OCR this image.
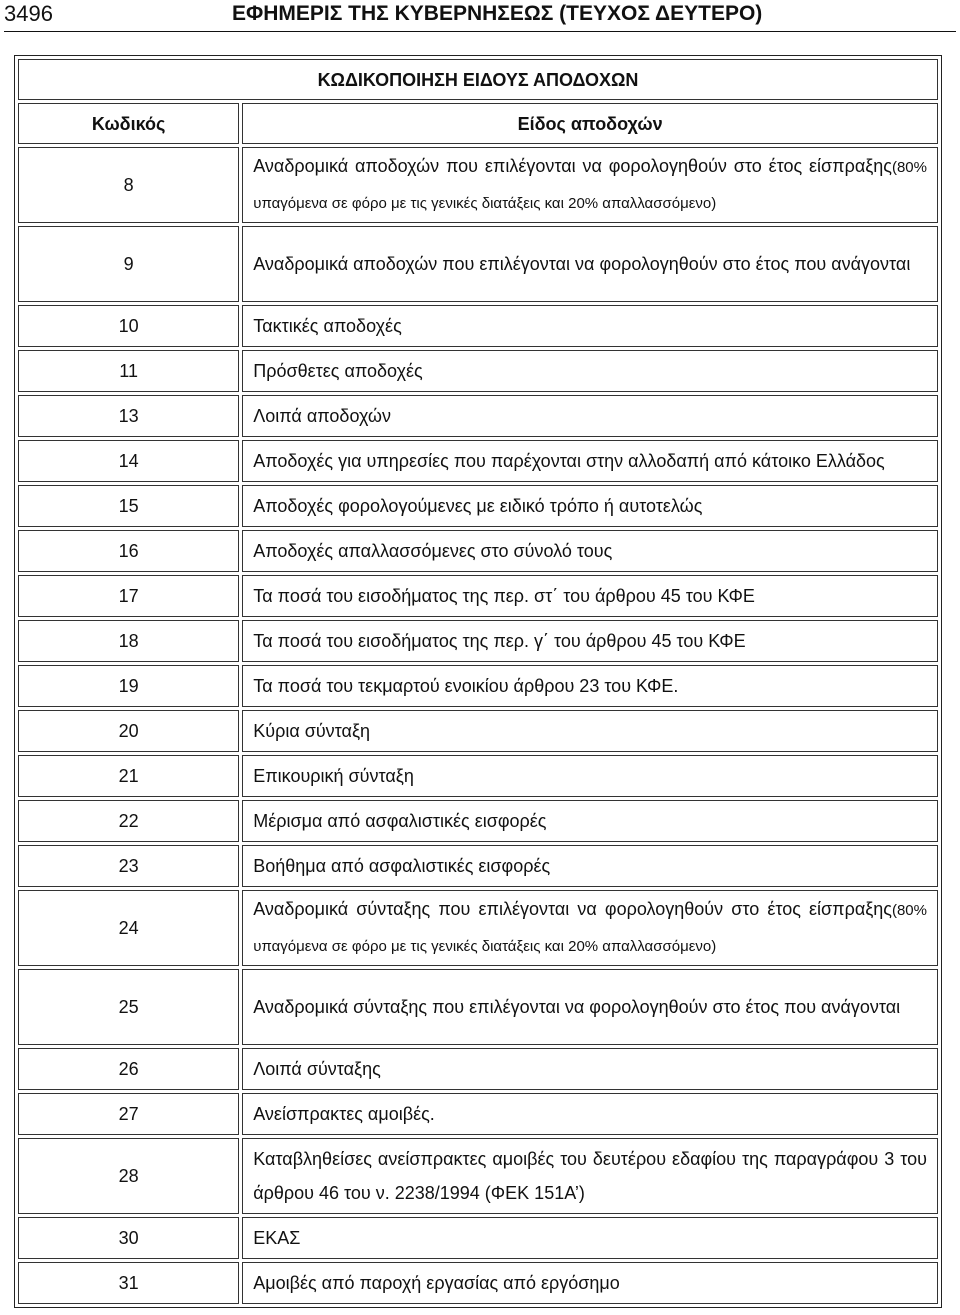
3496	ΕΦΗΜΕΡΙΣ ΤΗΣ ΚΥΒΕΡΝΗΣΕΩΣ (ΤΕΥΧΟΣ ΔΕΥΤΕΡΟ)
ΚΩΔΙΚΟΠΟΙΗΣΗ ΕΙΔΟΥΣ ΑΠΟΔΟΧΩΝ	
Κωδικός	Είδος αποδοχών
8	Αναδρομικά αποδοχών που επιλέγονται να φορολογηθούν στο έτος είσπραξης(80% υπαγόμενα σε φόρο με τις γενικές διατάξεις και 20% απαλλασσόμενο)
9	Αναδρομικά αποδοχών που επιλέγονται να φορολογηθούν στο έτος που ανάγονται
10	Τακτικές αποδοχές
11	Πρόσθετες αποδοχές
13	Λοιπά αποδοχών
14	Αποδοχές για υπηρεσίες που παρέχονται στην αλλοδαπή από κάτοικο Ελλάδος
15	Αποδοχές φορολογούμενες με ειδικό τρόπο ή αυτοτελώς
16	Αποδοχές απαλλασσόμενες στο σύνολό τους
17	Τα ποσά του εισοδήματος της περ. στ΄ του άρθρου 45 του ΚΦΕ
18	Τα ποσά του εισοδήματος της περ. γ΄ του άρθρου 45 του ΚΦΕ
19	Τα ποσά του τεκμαρτού ενοικίου άρθρου 23 του ΚΦΕ.
20	Κύρια σύνταξη
21	Επικουρική σύνταξη
22	Μέρισμα από ασφαλιστικές εισφορές
23	Βοήθημα από ασφαλιστικές εισφορές
24	Αναδρομικά σύνταξης που επιλέγονται να φορολογηθούν στο έτος είσπραξης(80% υπαγόμενα σε φόρο με τις γενικές διατάξεις και 20% απαλλασσόμενο)
25	Αναδρομικά σύνταξης που επιλέγονται να φορολογηθούν στο έτος που ανάγονται
26	Λοιπά σύνταξης
27	Ανείσπρακτες αμοιβές.
28	Καταβληθείσες ανείσπρακτες αμοιβές του δευτέρου εδαφίου της παραγράφου 3 του άρθρου 46 του ν. 2238/1994 (ΦΕΚ 151Α’)
30	ΕΚΑΣ
31	Αμοιβές από παροχή εργασίας από εργόσημο
